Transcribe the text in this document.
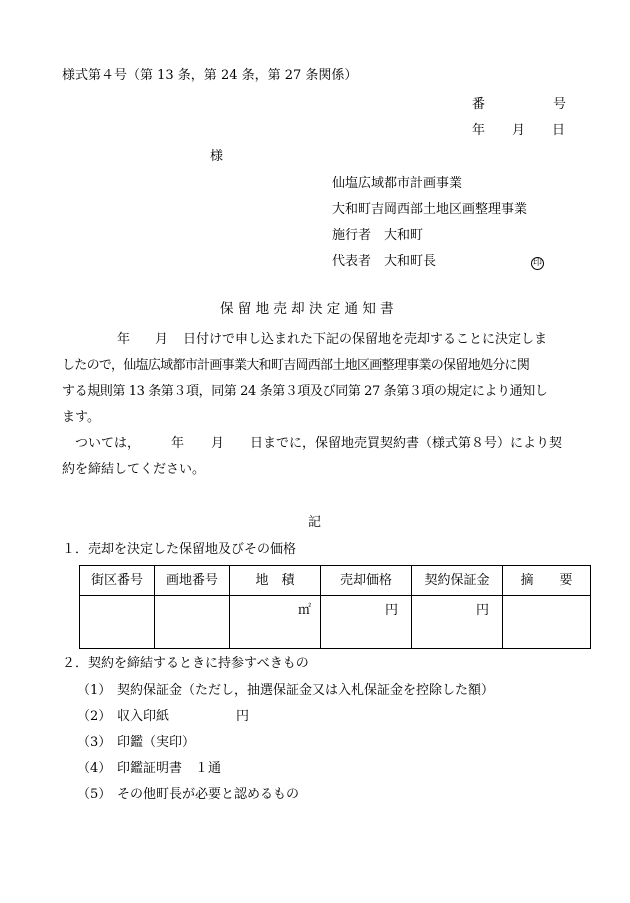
様式第４号（第 13 条，第 24 条，第 27 条関係）
番	号
年 月 日
様
仙塩広域都市計画事業
大和町吉岡西部土地区画整理事業
施行者 大和町
代表者 大和町長	印
保 留 地 売 却 決 定 通 知 書
年 月 日付けで申し込まれた下記の保留地を売却することに決定しま
したので，仙塩広域都市計画事業大和町吉岡西部土地区画整理事業の保留地処分に関
する規則第 13 条第３項，同第 24 条第３項及び同第 27 条第３項の規定により通知し
ます。
ついては， 年 月 日までに，保留地売買契約書（様式第８号）により契
約を締結してください。
記
１．売却を決定した保留地及びその価格
街区番号	画地番号	地　積	売却価格	契約保証金	摘　　要
		㎡	円	円	
２．契約を締結するときに持参すべきもの
（1） 契約保証金（ただし，抽選保証金又は入札保証金を控除した額）
（2） 収入印紙	円
（3） 印鑑（実印）
（4） 印鑑証明書　１通
（5） その他町長が必要と認めるもの
